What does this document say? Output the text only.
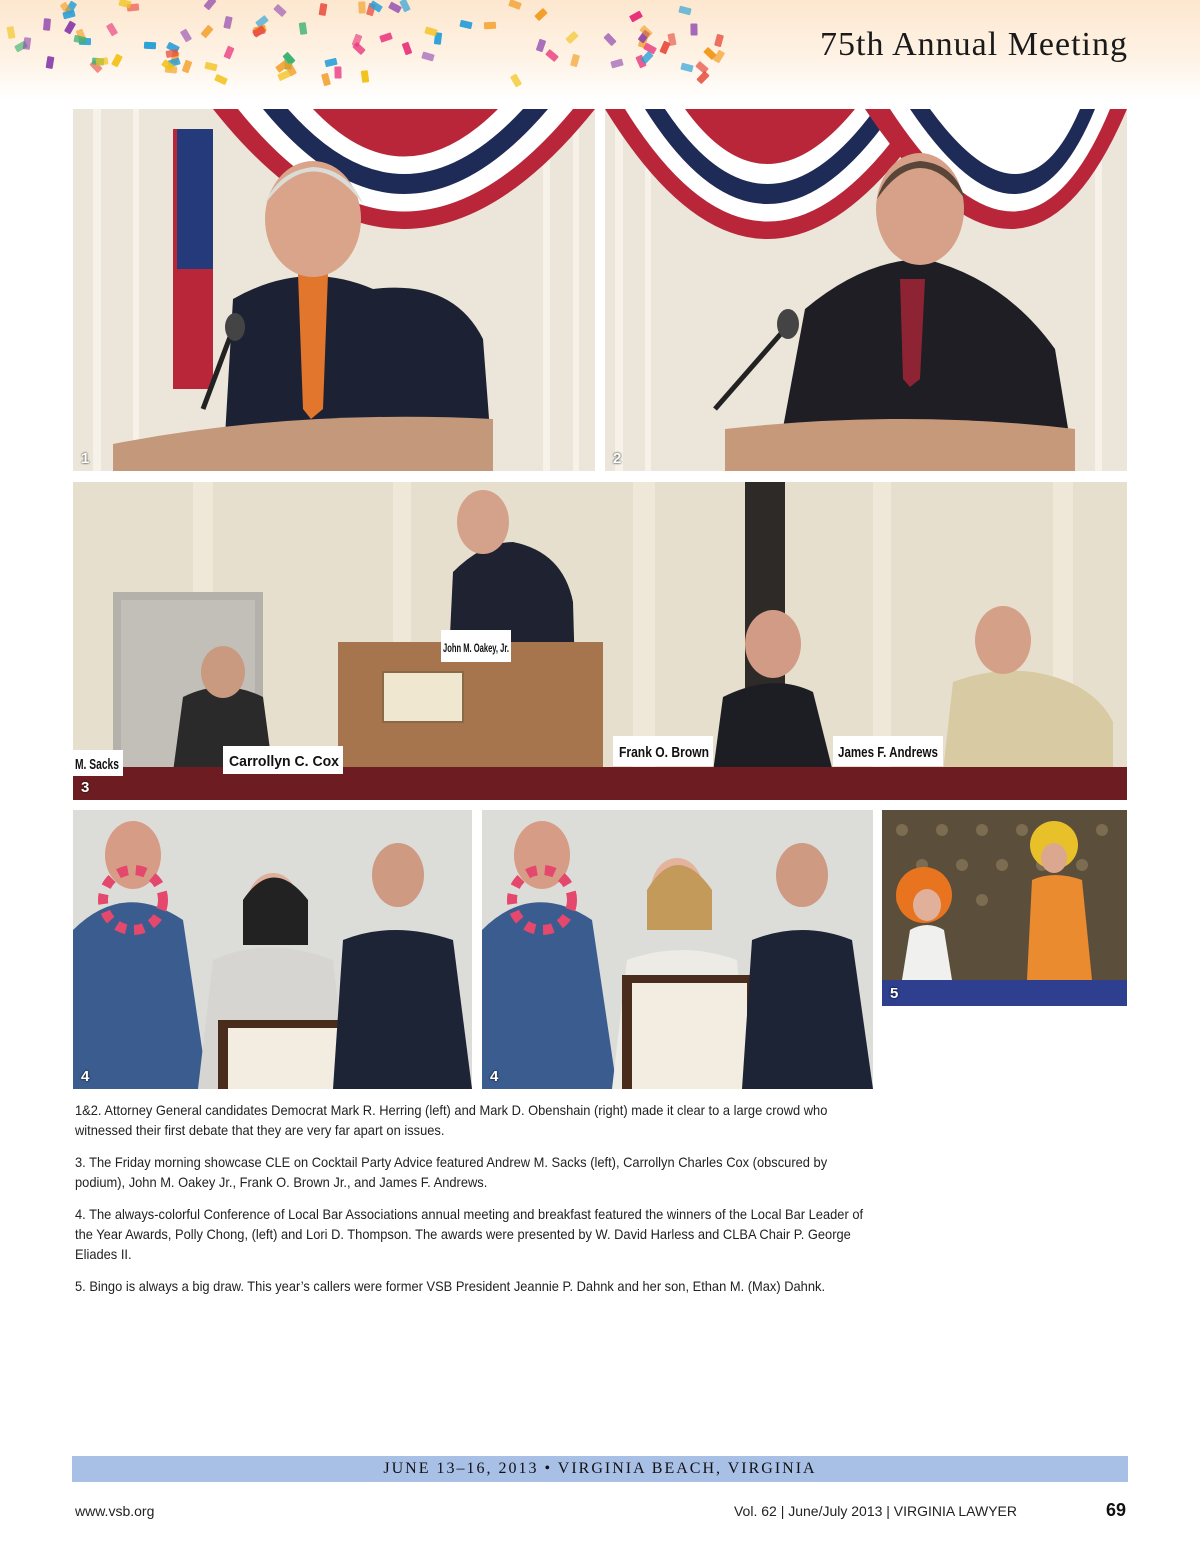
75th Annual Meeting
1	2
M. Sacks	Carrollyn C. Cox
John M. Oakey, Jr.
Frank O. Brown	James F. Andrews
3
4	4
5

1&2. Attorney General candidates Democrat Mark R. Herring (left) and Mark D. Obenshain (right) made it clear to a large crowd who witnessed their first debate that they are very far apart on issues.

3. The Friday morning showcase CLE on Cocktail Party Advice featured Andrew M. Sacks (left), Carrollyn Charles Cox (obscured by podium), John M. Oakey Jr., Frank O. Brown Jr., and James F. Andrews.

4. The always-colorful Conference of Local Bar Associations annual meeting and breakfast featured the winners of the Local Bar Leader of the Year Awards, Polly Chong, (left) and Lori D. Thompson. The awards were presented by W. David Harless and CLBA Chair P. George Eliades II.

5. Bingo is always a big draw. This year’s callers were former VSB President Jeannie P. Dahnk and her son, Ethan M. (Max) Dahnk.

JUNE 13–16, 2013 • VIRGINIA BEACH, VIRGINIA
www.vsb.org	Vol. 62 | June/July 2013 | VIRGINIA LAWYER	69
